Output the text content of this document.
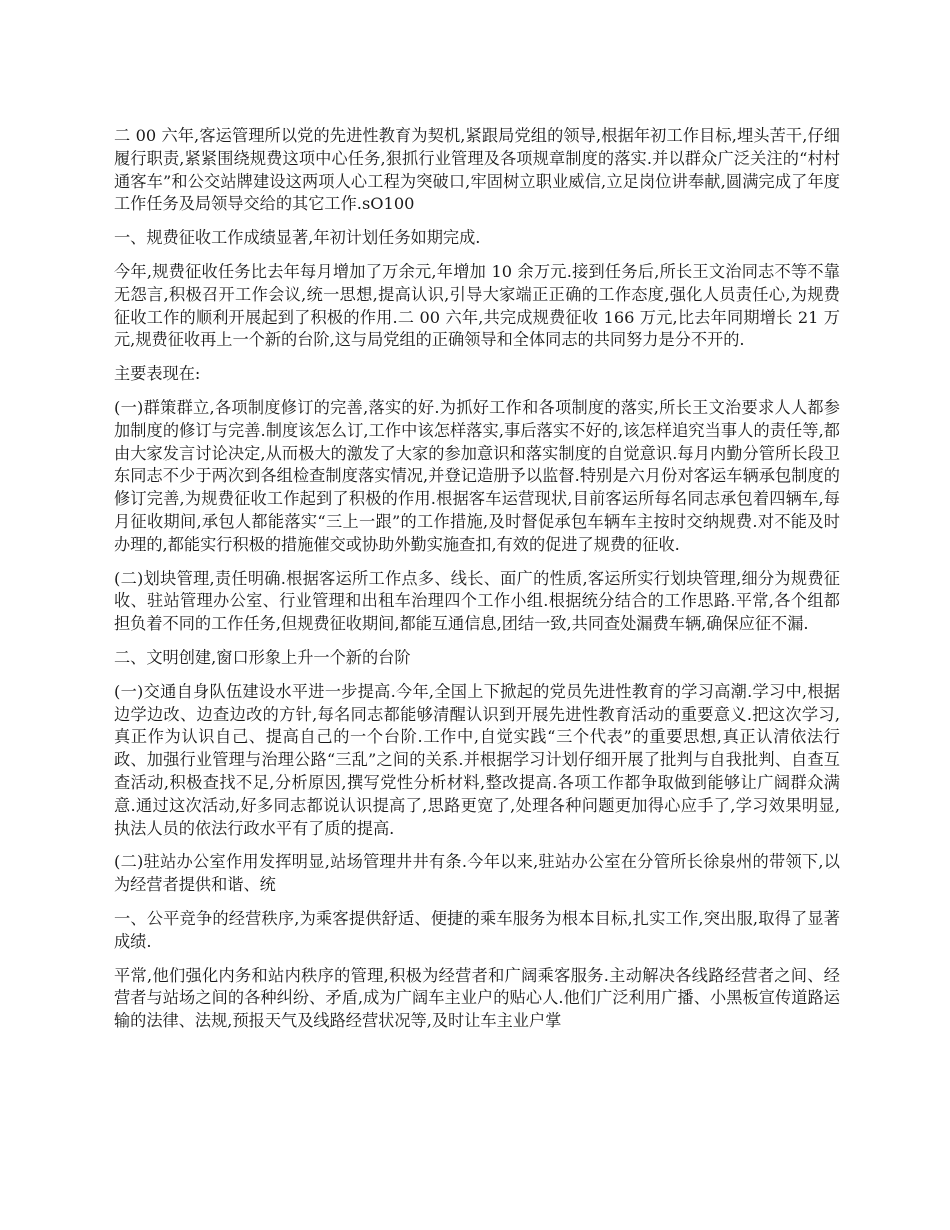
二 00 六年,客运管理所以党的先进性教育为契机,紧跟局党组的领导,根据年初工作目标,埋头苦干,仔细履行职责,紧紧围绕规费这项中心任务,狠抓行业管理及各项规章制度的落实.并以群众广泛关注的“村村通客车”和公交站牌建设这两项人心工程为突破口,牢固树立职业威信,立足岗位讲奉献,圆满完成了年度工作任务及局领导交给的其它工作.sO100

一、规费征收工作成绩显著,年初计划任务如期完成.

今年,规费征收任务比去年每月增加了万余元,年增加 10 余万元.接到任务后,所长王文治同志不等不靠无怨言,积极召开工作会议,统一思想,提高认识,引导大家端正正确的工作态度,强化人员责任心,为规费征收工作的顺利开展起到了积极的作用.二 00 六年,共完成规费征收 166 万元,比去年同期增长 21 万元,规费征收再上一个新的台阶,这与局党组的正确领导和全体同志的共同努力是分不开的.

主要表现在:

(一)群策群立,各项制度修订的完善,落实的好.为抓好工作和各项制度的落实,所长王文治要求人人都参加制度的修订与完善.制度该怎么订,工作中该怎样落实,事后落实不好的,该怎样追究当事人的责任等,都由大家发言讨论决定,从而极大的激发了大家的参加意识和落实制度的自觉意识.每月内勤分管所长段卫东同志不少于两次到各组检查制度落实情况,并登记造册予以监督.特别是六月份对客运车辆承包制度的修订完善,为规费征收工作起到了积极的作用.根据客车运营现状,目前客运所每名同志承包着四辆车,每月征收期间,承包人都能落实“三上一跟”的工作措施,及时督促承包车辆车主按时交纳规费.对不能及时办理的,都能实行积极的措施催交或协助外勤实施查扣,有效的促进了规费的征收.

(二)划块管理,责任明确.根据客运所工作点多、线长、面广的性质,客运所实行划块管理,细分为规费征收、驻站管理办公室、行业管理和出租车治理四个工作小组.根据统分结合的工作思路.平常,各个组都担负着不同的工作任务,但规费征收期间,都能互通信息,团结一致,共同查处漏费车辆,确保应征不漏.

二、文明创建,窗口形象上升一个新的台阶

(一)交通自身队伍建设水平进一步提高.今年,全国上下掀起的党员先进性教育的学习高潮.学习中,根据边学边改、边查边改的方针,每名同志都能够清醒认识到开展先进性教育活动的重要意义.把这次学习,真正作为认识自己、提高自己的一个台阶.工作中,自觉实践“三个代表”的重要思想,真正认清依法行政、加强行业管理与治理公路“三乱”之间的关系.并根据学习计划仔细开展了批判与自我批判、自查互查活动,积极查找不足,分析原因,撰写党性分析材料,整改提高.各项工作都争取做到能够让广阔群众满意.通过这次活动,好多同志都说认识提高了,思路更宽了,处理各种问题更加得心应手了,学习效果明显,执法人员的依法行政水平有了质的提高.

(二)驻站办公室作用发挥明显,站场管理井井有条.今年以来,驻站办公室在分管所长徐泉州的带领下,以为经营者提供和谐、统

一、公平竞争的经营秩序,为乘客提供舒适、便捷的乘车服务为根本目标,扎实工作,突出服,取得了显著成绩.

平常,他们强化内务和站内秩序的管理,积极为经营者和广阔乘客服务.主动解决各线路经营者之间、经营者与站场之间的各种纠纷、矛盾,成为广阔车主业户的贴心人.他们广泛利用广播、小黑板宣传道路运输的法律、法规,预报天气及线路经营状况等,及时让车主业户掌
